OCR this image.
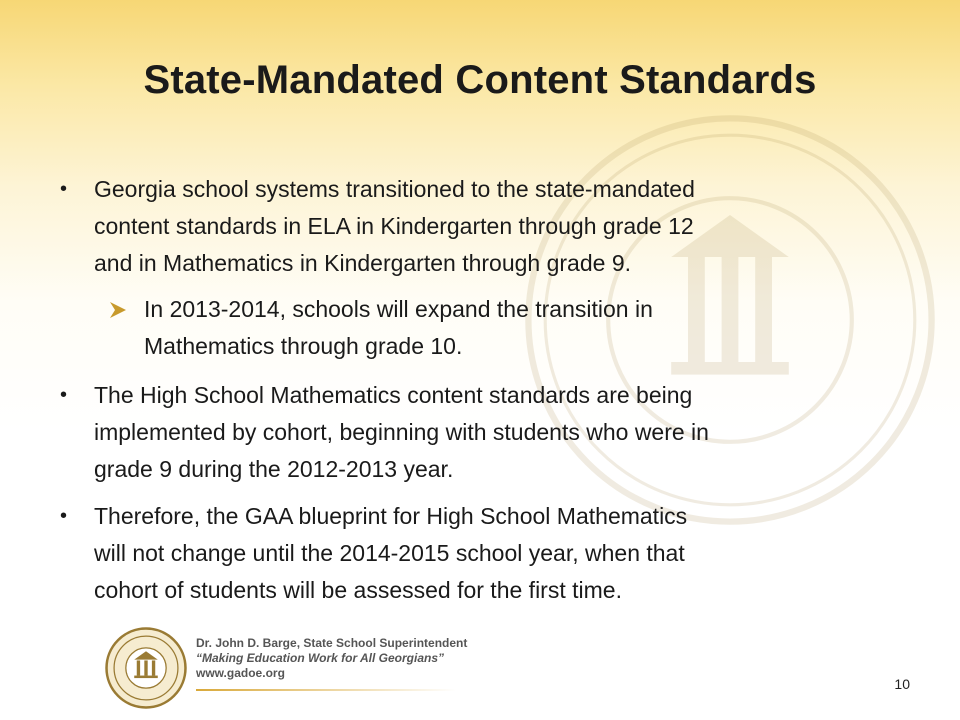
State-Mandated Content Standards
•	Georgia school systems transitioned to the state-mandated
content standards in ELA in Kindergarten through grade 12
and in Mathematics in Kindergarten through grade 9.
In 2013-2014, schools will expand the transition in
Mathematics through grade 10.
•	The High School Mathematics content standards are being
implemented by cohort, beginning with students who were in
grade 9 during the 2012-2013 year.
•	Therefore, the GAA blueprint for High School Mathematics
will not change until the 2014-2015 school year, when that
cohort of students will be assessed for the first time.
Dr. John D. Barge, State School Superintendent
“Making Education Work for All Georgians”
www.gadoe.org
10
